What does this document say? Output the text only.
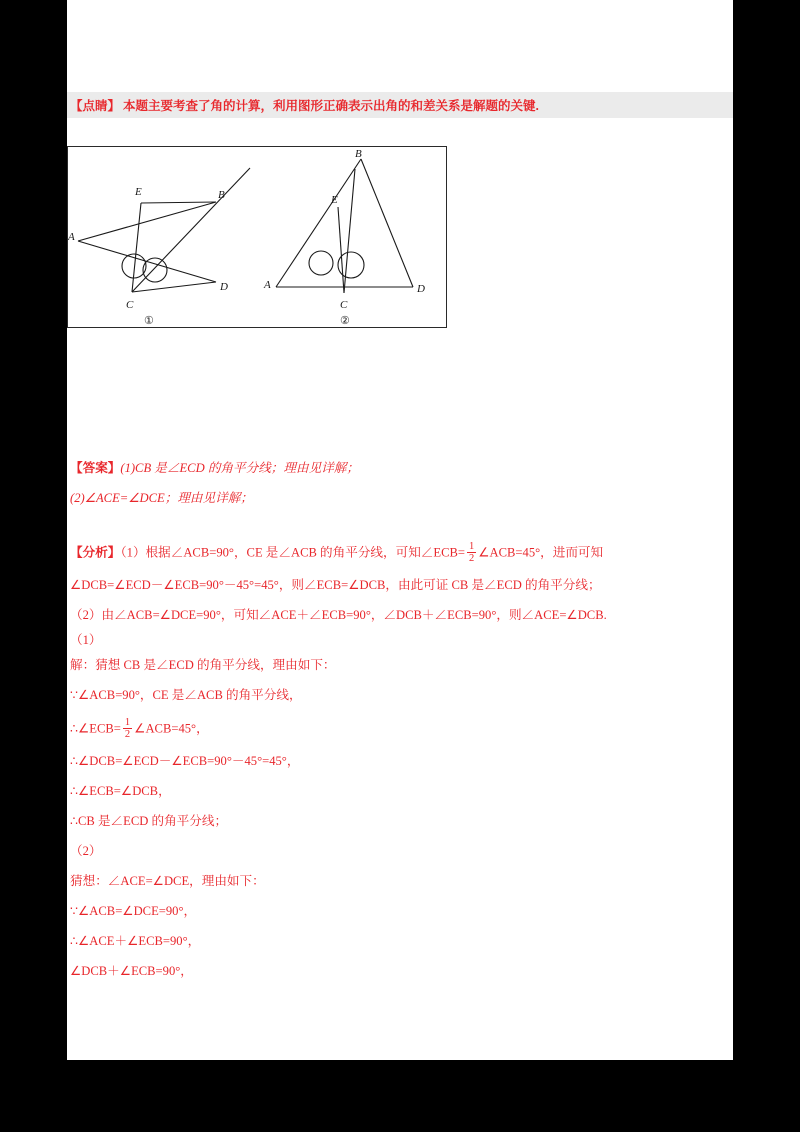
【点睛】 本题主要考查了角的计算，利用图形正确表示出角的和差关系是解题的关键.
E	B
A
C
D
①
B
E
A
C
D
②
【答案】(1)CB 是∠ECD 的角平分线；理由见详解；
(2)∠ACE=∠DCE；理由见详解；
【分析】（1）根据∠ACB=90°，CE 是∠ACB 的角平分线，可知∠ECB= $\frac{1}{2}$ ∠ACB=45°，进而可知
∠DCB=∠ECD－∠ECB=90°－45°=45°，则∠ECB=∠DCB，由此可证 CB 是∠ECD 的角平分线；
（2）由∠ACB=∠DCE=90°，可知∠ACE＋∠ECB=90°，∠DCB＋∠ECB=90°，则∠ACE=∠DCB.
（1）
解：猜想 CB 是∠ECD 的角平分线，理由如下：
∵∠ACB=90°，CE 是∠ACB 的角平分线，
∴∠ECB= $\frac{1}{2}$ ∠ACB=45°，
∴∠DCB=∠ECD－∠ECB=90°－45°=45°，
∴∠ECB=∠DCB，
∴CB 是∠ECD 的角平分线；
（2）
猜想：∠ACE=∠DCE，理由如下：
∵∠ACB=∠DCE=90°，
∴∠ACE＋∠ECB=90°，
∠DCB＋∠ECB=90°，
